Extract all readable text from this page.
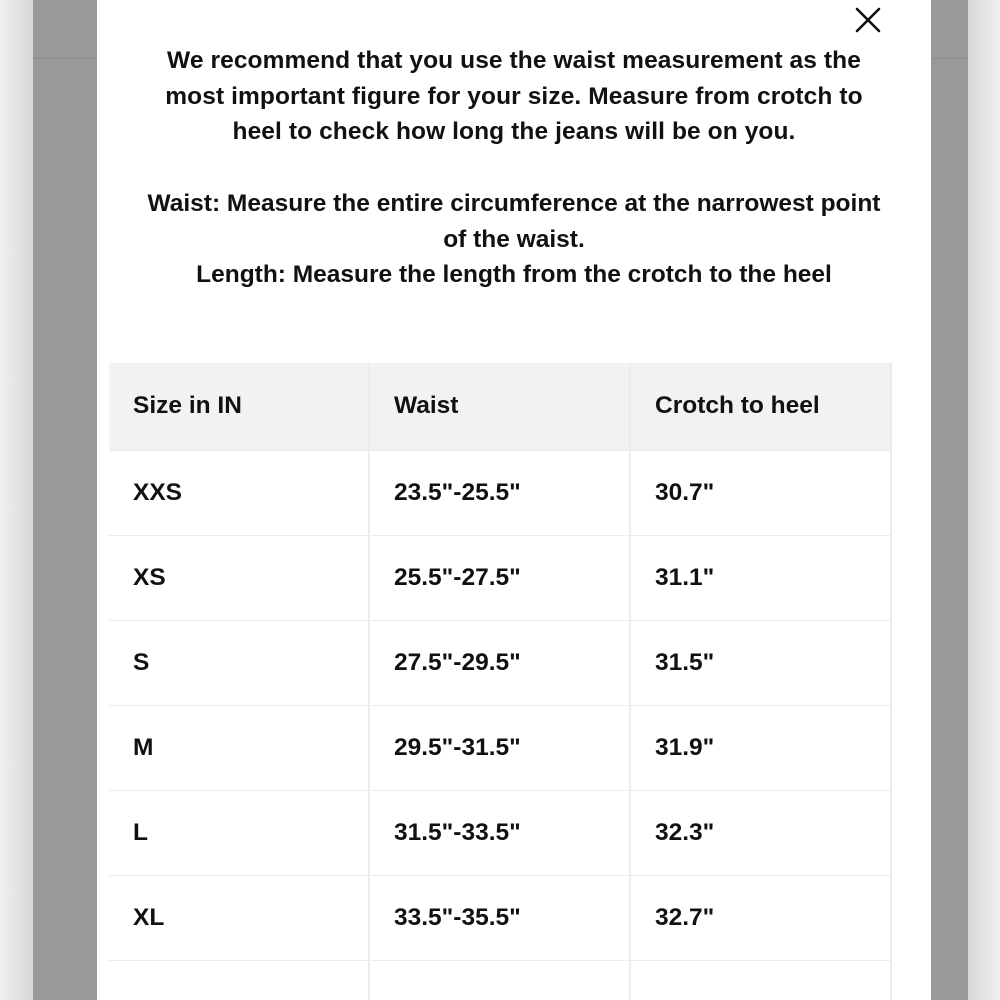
We recommend that you use the waist measurement as the
most important figure for your size. Measure from crotch to
heel to check how long the jeans will be on you.
Waist: Measure the entire circumference at the narrowest point
of the waist.
Length: Measure the length from the crotch to the heel
Size in IN	Waist	Crotch to heel
XXS	23.5"-25.5"	30.7"
XS	25.5"-27.5"	31.1"
S	27.5"-29.5"	31.5"
M	29.5"-31.5"	31.9"
L	31.5"-33.5"	32.3"
XL	33.5"-35.5"	32.7"
